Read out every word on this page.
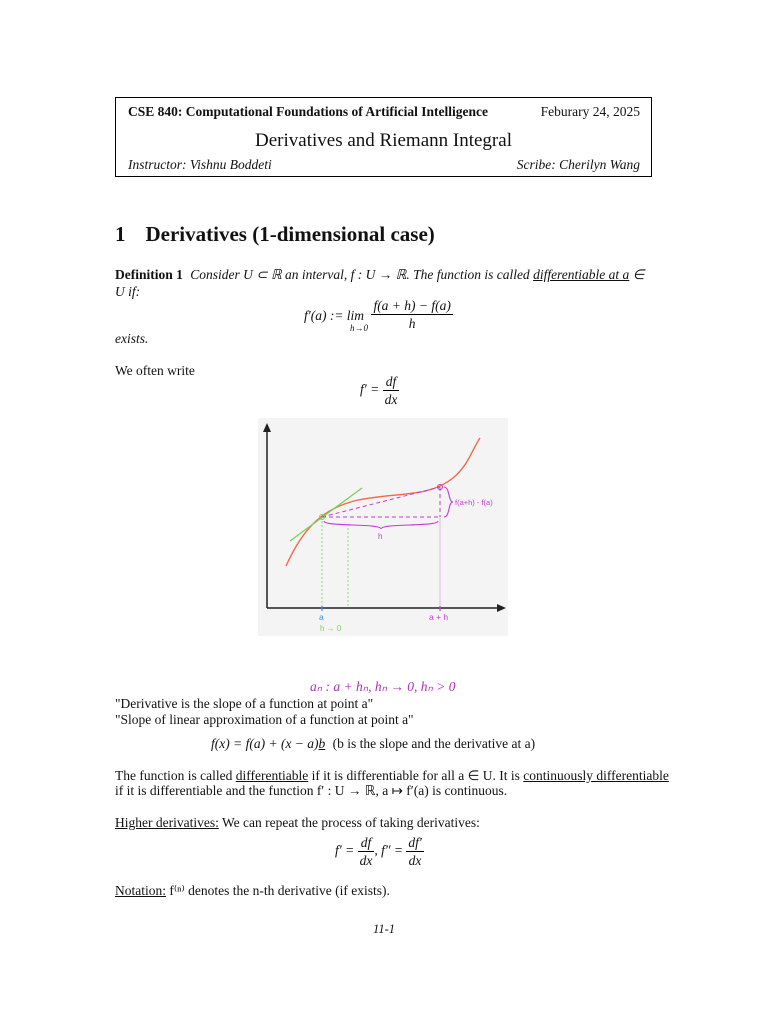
CSE 840: Computational Foundations of Artificial Intelligence	Feburary 24, 2025
Derivatives and Riemann Integral
Instructor: Vishnu Boddeti	Scribe: Cherilyn Wang
1 Derivatives (1-dimensional case)
Definition 1 Consider U ⊂ ℝ an interval, f : U → ℝ. The function is called differentiable at a ∈
U if:
f′(a) := $\lim \frac{f(a + h) - f(a)}{h}$
h→0
exists.
We often write
$f' = \frac{df}{dx}$
f(a+h) - f(a)
h
a
h → 0
a + h
aₙ : a + hₙ, hₙ → 0, hₙ > 0
"Derivative is the slope of a function at point a"
"Slope of linear approximation of a function at point a"
f(x) = f(a) + (x − a)b (b is the slope and the derivative at a)
The function is called differentiable if it is differentiable for all a ∈ U. It is continuously differentiable
if it is differentiable and the function f′ : U → ℝ, a ↦ f′(a) is continuous.
Higher derivatives: We can repeat the process of taking derivatives:
$f' = \frac{df}{dx}$ , $f'' = \frac{df'}{dx}$
Notation: f⁽ⁿ⁾ denotes the n-th derivative (if exists).
11-1
